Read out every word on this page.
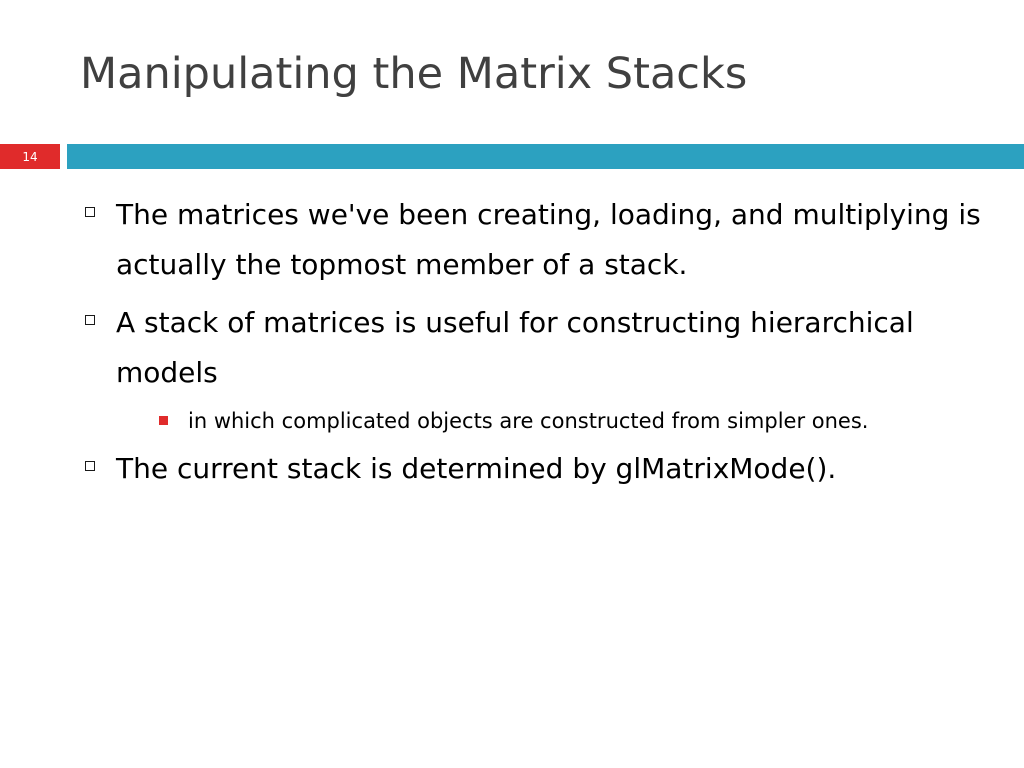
Manipulating the Matrix Stacks
14
The matrices we've been creating, loading, and multiplying is actually the topmost member of a stack.
A stack of matrices is useful for constructing hierarchical models
in which complicated objects are constructed from simpler ones.
The current stack is determined by glMatrixMode().
